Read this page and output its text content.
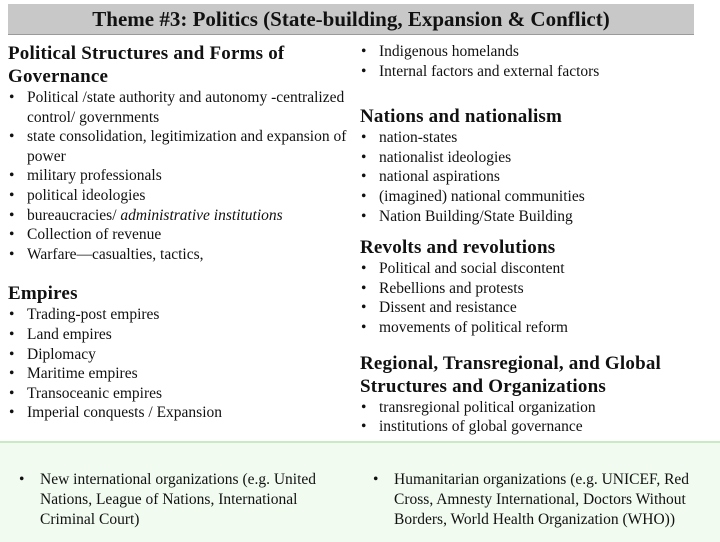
Theme #3: Politics (State-building, Expansion & Conflict)
Political Structures and Forms of Governance
• Political /state authority and autonomy -centralized control/ governments
• state consolidation, legitimization and expansion of power
• military professionals
• political ideologies
• bureaucracies/ administrative institutions
• Collection of revenue
• Warfare—casualties, tactics,
Empires
• Trading-post empires
• Land empires
• Diplomacy
• Maritime empires
• Transoceanic empires
• Imperial conquests / Expansion
• Indigenous homelands
• Internal factors and external factors
Nations and nationalism
• nation-states
• nationalist ideologies
• national aspirations
• (imagined) national communities
• Nation Building/State Building
Revolts and revolutions
• Political and social discontent
• Rebellions and protests
• Dissent and resistance
• movements of political reform
Regional, Transregional, and Global Structures and Organizations
• transregional political organization
• institutions of global governance
• New international organizations (e.g. United Nations, League of Nations, International Criminal Court)
• Humanitarian organizations (e.g. UNICEF, Red Cross, Amnesty International, Doctors Without Borders, World Health Organization (WHO))
